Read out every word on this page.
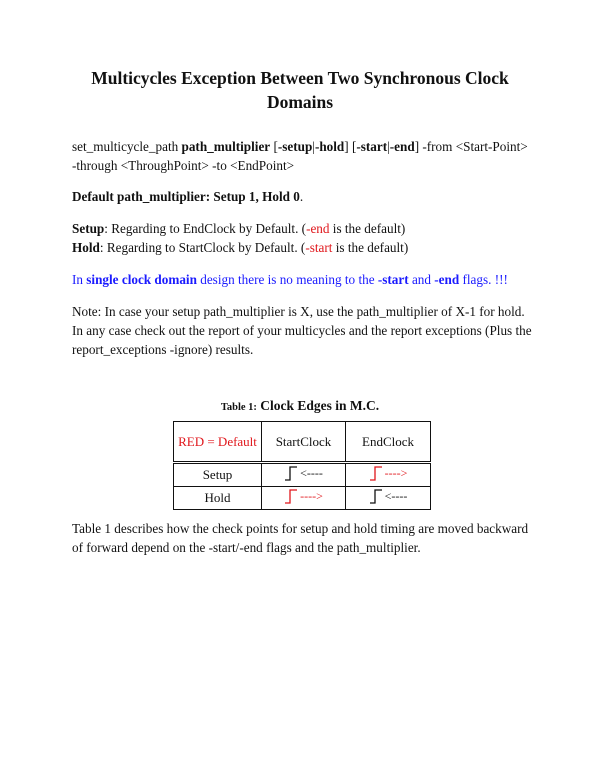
Multicycles Exception Between Two Synchronous Clock Domains

set_multicycle_path path_multiplier [-setup|-hold] [-start|-end] -from <Start-Point> -through <ThroughPoint> -to <EndPoint>

Default path_multiplier: Setup 1, Hold 0.

Setup: Regarding to EndClock by Default. (-end is the default)

Hold: Regarding to StartClock by Default. (-start is the default)

In single clock domain design there is no meaning to the -start and -end flags. !!!

Note: In case your setup path_multiplier is X, use the path_multiplier of X-1 for hold. In any case check out the report of your multicycles and the report exceptions (Plus the report_exceptions -ignore) results.

Table 1: Clock Edges in M.C.
RED = Default	StartClock	EndClock
Setup	<----	---->

Hold	---->	<----

Table 1 describes how the check points for setup and hold timing are moved backward of forward depend on the -start/-end flags and the path_multiplier.
